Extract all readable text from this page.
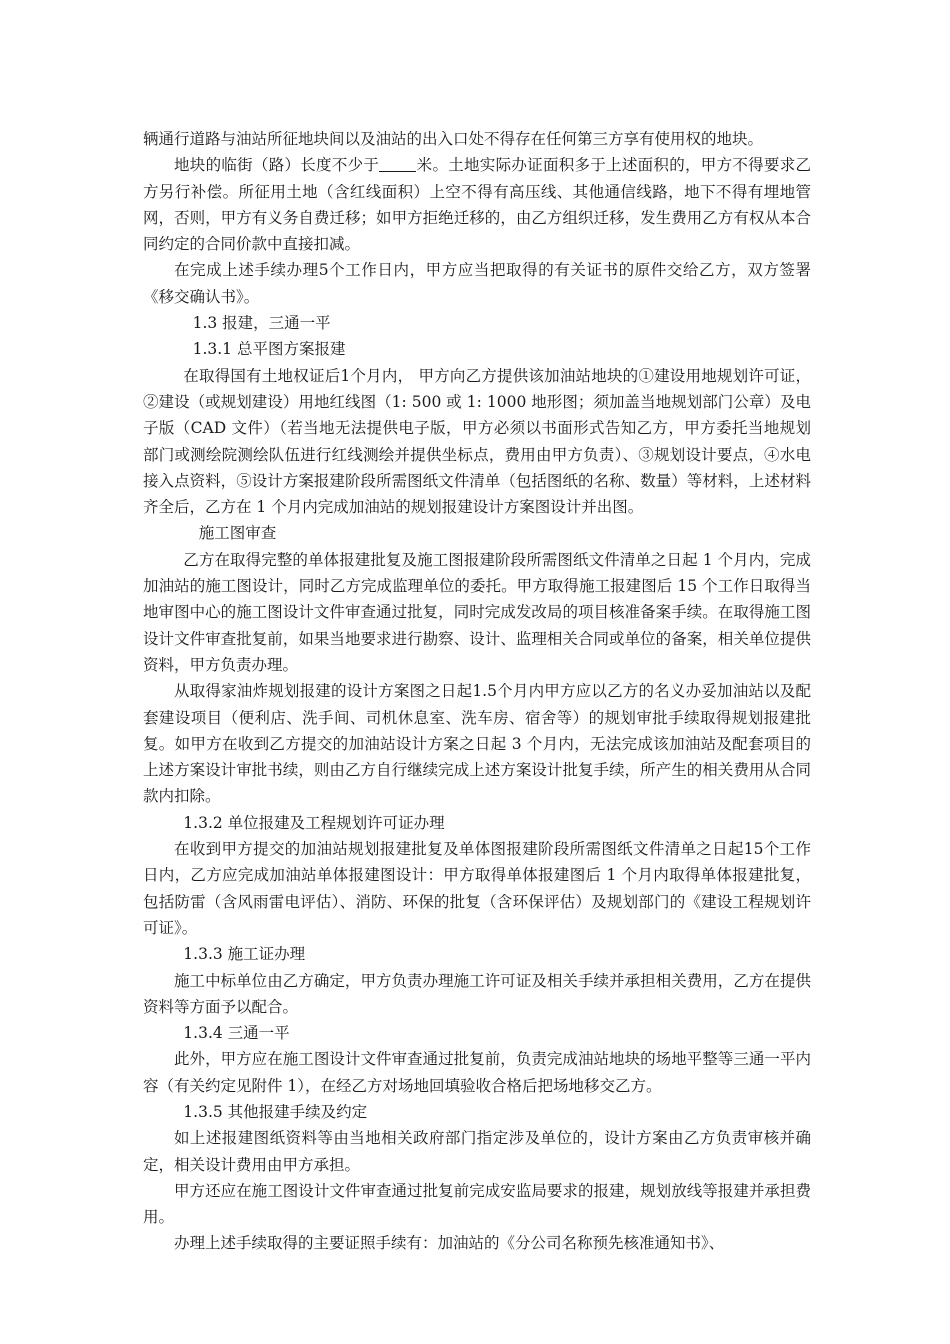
辆通行道路与油站所征地块间以及油站的出入口处不得存在任何第三方享有使用权的地块。

地块的临街（路）长度不少于 米。土地实际办证面积多于上述面积的，甲方不得要求乙方另行补偿。所征用土地（含红线面积）上空不得有高压线、其他通信线路，地下不得有埋地管网，否则，甲方有义务自费迁移；如甲方拒绝迁移的，由乙方组织迁移，发生费用乙方有权从本合同约定的合同价款中直接扣减。

在完成上述手续办理5个工作日内，甲方应当把取得的有关证书的原件交给乙方，双方签署《移交确认书》。

1.3 报建，三通一平

1.3.1 总平图方案报建

在取得国有土地权证后1个月内， 甲方向乙方提供该加油站地块的①建设用地规划许可证，②建设（或规划建设）用地红线图（1: 500 或 1: 1000 地形图；须加盖当地规划部门公章）及电子版（CAD 文件）（若当地无法提供电子版，甲方必须以书面形式告知乙方，甲方委托当地规划部门或测绘院测绘队伍进行红线测绘并提供坐标点，费用由甲方负责）、③规划设计要点，④水电接入点资料，⑤设计方案报建阶段所需图纸文件清单（包括图纸的名称、数量）等材料，上述材料齐全后，乙方在 1 个月内完成加油站的规划报建设计方案图设计并出图。

施工图审查

乙方在取得完整的单体报建批复及施工图报建阶段所需图纸文件清单之日起 1 个月内，完成加油站的施工图设计，同时乙方完成监理单位的委托。甲方取得施工报建图后 15 个工作日取得当地审图中心的施工图设计文件审查通过批复，同时完成发改局的项目核准备案手续。在取得施工图设计文件审查批复前，如果当地要求进行勘察、设计、监理相关合同或单位的备案，相关单位提供资料，甲方负责办理。

从取得家油炸规划报建的设计方案图之日起1.5个月内甲方应以乙方的名义办妥加油站以及配套建设项目（便利店、洗手间、司机休息室、洗车房、宿舍等）的规划审批手续取得规划报建批复。如甲方在收到乙方提交的加油站设计方案之日起 3 个月内，无法完成该加油站及配套项目的上述方案设计审批书续，则由乙方自行继续完成上述方案设计批复手续，所产生的相关费用从合同款内扣除。

1.3.2 单位报建及工程规划许可证办理

在收到甲方提交的加油站规划报建批复及单体图报建阶段所需图纸文件清单之日起15个工作日内，乙方应完成加油站单体报建图设计：甲方取得单体报建图后 1 个月内取得单体报建批复，包括防雷（含风雨雷电评估）、消防、环保的批复（含环保评估）及规划部门的《建设工程规划许可证》。

1.3.3 施工证办理

施工中标单位由乙方确定，甲方负责办理施工许可证及相关手续并承担相关费用，乙方在提供资料等方面予以配合。

1.3.4 三通一平

此外，甲方应在施工图设计文件审查通过批复前，负责完成油站地块的场地平整等三通一平内容（有关约定见附件 1），在经乙方对场地回填验收合格后把场地移交乙方。

1.3.5 其他报建手续及约定

如上述报建图纸资料等由当地相关政府部门指定涉及单位的，设计方案由乙方负责审核并确定，相关设计费用由甲方承担。

甲方还应在施工图设计文件审查通过批复前完成安监局要求的报建，规划放线等报建并承担费用。

办理上述手续取得的主要证照手续有：加油站的《分公司名称预先核准通知书》、
